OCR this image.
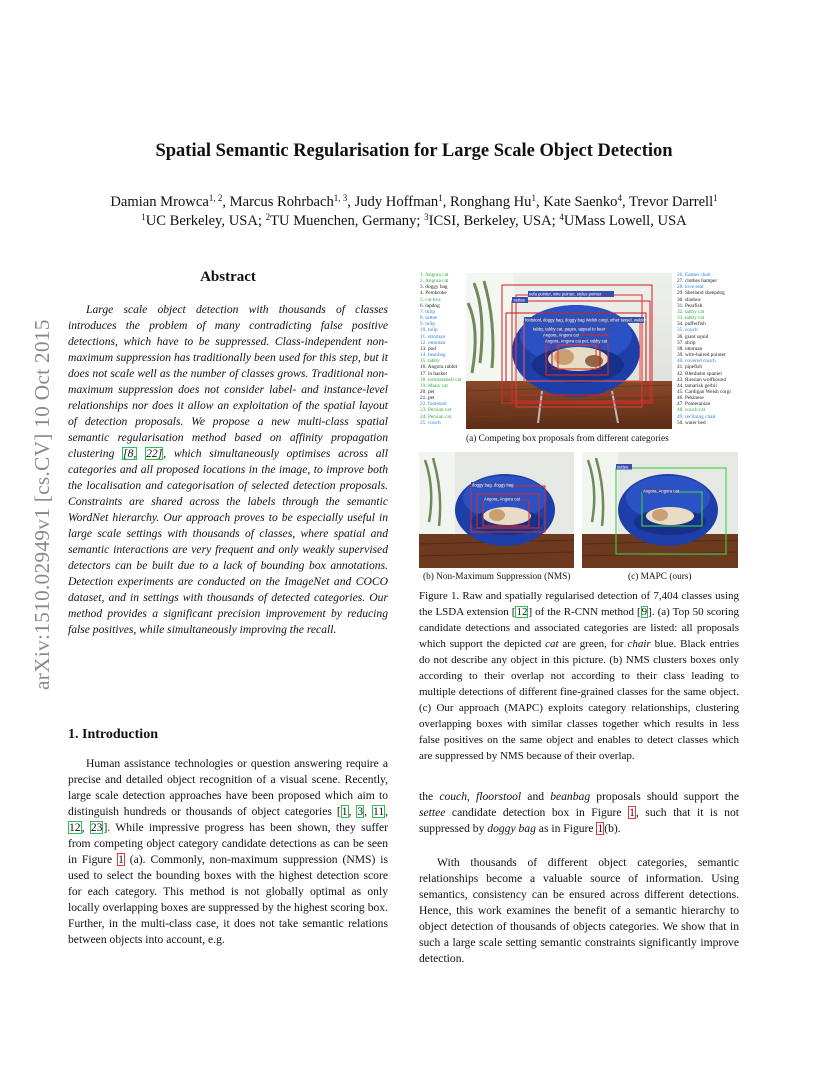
arXiv:1510.02949v1 [cs.CV] 10 Oct 2015
Spatial Semantic Regularisation for Large Scale Object Detection
Damian Mrowca$^{1, 2}$, Marcus Rohrbach$^{1, 3}$, Judy Hoffman$^1$, Ronghang Hu$^1$, Kate Saenko$^4$, Trevor Darrell$^1$
$^1$UC Berkeley, USA; $^2$TU Muenchen, Germany; $^3$ICSI, Berkeley, USA; $^4$UMass Lowell, USA
Abstract

Large scale object detection with thousands of classes introduces the problem of many contradicting false positive detections, which have to be suppressed. Class-independent non-maximum suppression has traditionally been used for this step, but it does not scale well as the number of classes grows. Traditional non-maximum suppression does not consider label- and instance-level relationships nor does it allow an exploitation of the spatial layout of detection proposals. We propose a new multi-class spatial semantic regularisation method based on affinity propagation clustering [8, 22], which simultaneously optimises across all categories and all proposed locations in the image, to improve both the localisation and categorisation of selected detection proposals. Constraints are shared across the labels through the semantic WordNet hierarchy. Our approach proves to be especially useful in large scale settings with thousands of classes, where spatial and semantic interactions are very frequent and only weakly supervised detectors can be built due to a lack of bounding box annotations. Detection experiments are conducted on the ImageNet and COCO dataset, and in settings with thousands of detected categories. Our method provides a significant precision improvement by reducing false positives, while simultaneously improving the recall.

1. Introduction

Human assistance technologies or question answering require a precise and detailed object recognition of a visual scene. Recently, large scale detection approaches have been proposed which aim to distinguish hundreds or thousands of object categories [1, 3, 11, 12, 23]. While impressive progress has been shown, they suffer from competing object category candidate detections as can be seen in Figure 1 (a). Commonly, non-maximum suppression (NMS) is used to select the bounding boxes with the highest detection score for each category. This method is not globally optimal as only locally overlapping boxes are suppressed by the highest scoring box. Further, in the multi-class case, it does not take semantic relations between objects into account, e.g.

1. Angora cat
2. Angora cat
3. doggy bag
4. Pembroke
5. cat box
6. lapdog
7. tulip
8. settee
9. tulip
10. tulip
11. ottoman
12. ottoman
13. pod
14. beanbag
15. tabby
16. Angora rabbit
17. in basket
18. tortoiseshell cat
19. Manx cat
20. pet
21. pet
22. footstool
23. Persian cat
24. Persian cat
25. couch
26. Eames chair
27. clothes hamper
28. love seat
29. Shetland sheepdog
30. shadow
31. Pearfish
32. tabby cat
33. tabby cat
34. pufferfish
35. couch
36. giant squid
37. shrip
38. ottoman
39. wire-haired pointer
40. covered couch
41. pipefish
42. Blenheim spaniel
43. Russian wolfhound
44. tamarisk gerbil
45. Cardigan Welsh corgi
46. Pekinese
47. Pomeranian
48. couch cat
49. reclining chair
50. water bed
settee
sofa pointer, wire pointer, stylus pointer
footstool, doggy bag, doggy bag Welsh corgi, other tassel, walder
tabby, tabby cat, pages, appeal to bear
Angora, Angora cat
Angora, Angora cat pet, tabby cat
(a) Competing box proposals from different categories
doggy bag, doggy bag
Angora, Angora cat
(b) Non-Maximum Suppression (NMS)
settee
Angora, Angora cat
(c) MAPC (ours)
Figure 1. Raw and spatially regularised detection of 7,404 classes using the LSDA extension [12] of the R-CNN method [9]. (a) Top 50 scoring candidate detections and associated categories are listed: all proposals which support the depicted cat are green, for chair blue. Black entries do not describe any object in this picture. (b) NMS clusters boxes only according to their overlap not according to their class leading to multiple detections of different fine-grained classes for the same object. (c) Our approach (MAPC) exploits category relationships, clustering overlapping boxes with similar classes together which results in less false positives on the same object and enables to detect classes which are suppressed by NMS because of their overlap.

the couch, floorstool and beanbag proposals should support the settee candidate detection box in Figure 1, such that it is not suppressed by doggy bag as in Figure 1(b).

With thousands of different object categories, semantic relationships become a valuable source of information. Using semantics, consistency can be ensured across different detections. Hence, this work examines the benefit of a semantic hierarchy to object detection of thousands of objects categories. We show that in such a large scale setting semantic constraints significantly improve detection.
